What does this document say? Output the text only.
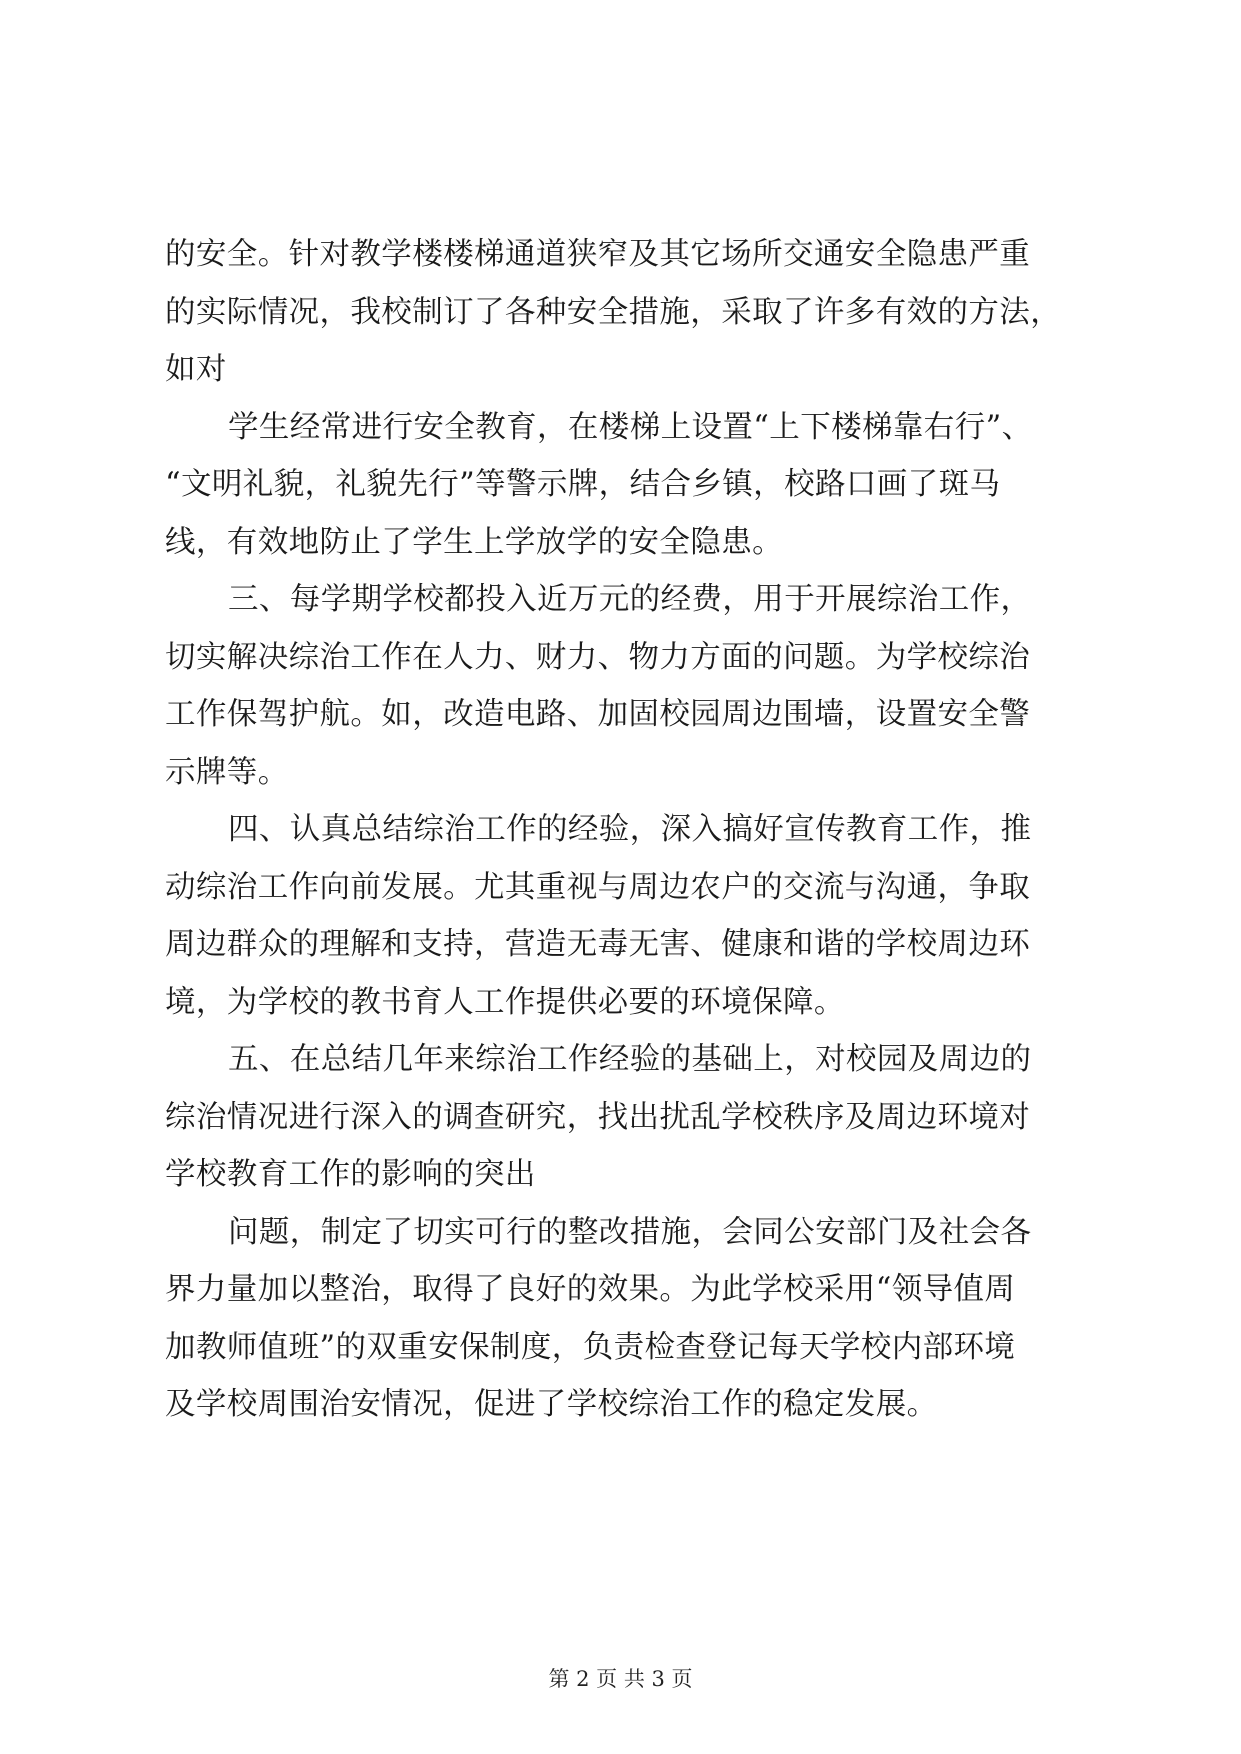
的安全。针对教学楼楼梯通道狭窄及其它场所交通安全隐患严重
的实际情况，我校制订了各种安全措施，采取了许多有效的方法，
如对
学生经常进行安全教育，在楼梯上设置“上下楼梯靠右行”、
“文明礼貌，礼貌先行”等警示牌，结合乡镇，校路口画了斑马
线，有效地防止了学生上学放学的安全隐患。
三、每学期学校都投入近万元的经费，用于开展综治工作，
切实解决综治工作在人力、财力、物力方面的问题。为学校综治
工作保驾护航。如，改造电路、加固校园周边围墙，设置安全警
示牌等。
四、认真总结综治工作的经验，深入搞好宣传教育工作，推
动综治工作向前发展。尤其重视与周边农户的交流与沟通，争取
周边群众的理解和支持，营造无毒无害、健康和谐的学校周边环
境，为学校的教书育人工作提供必要的环境保障。
五、在总结几年来综治工作经验的基础上，对校园及周边的
综治情况进行深入的调查研究，找出扰乱学校秩序及周边环境对
学校教育工作的影响的突出
问题，制定了切实可行的整改措施，会同公安部门及社会各
界力量加以整治，取得了良好的效果。为此学校采用“领导值周
加教师值班”的双重安保制度，负责检查登记每天学校内部环境
及学校周围治安情况，促进了学校综治工作的稳定发展。
第 2 页 共 3 页
